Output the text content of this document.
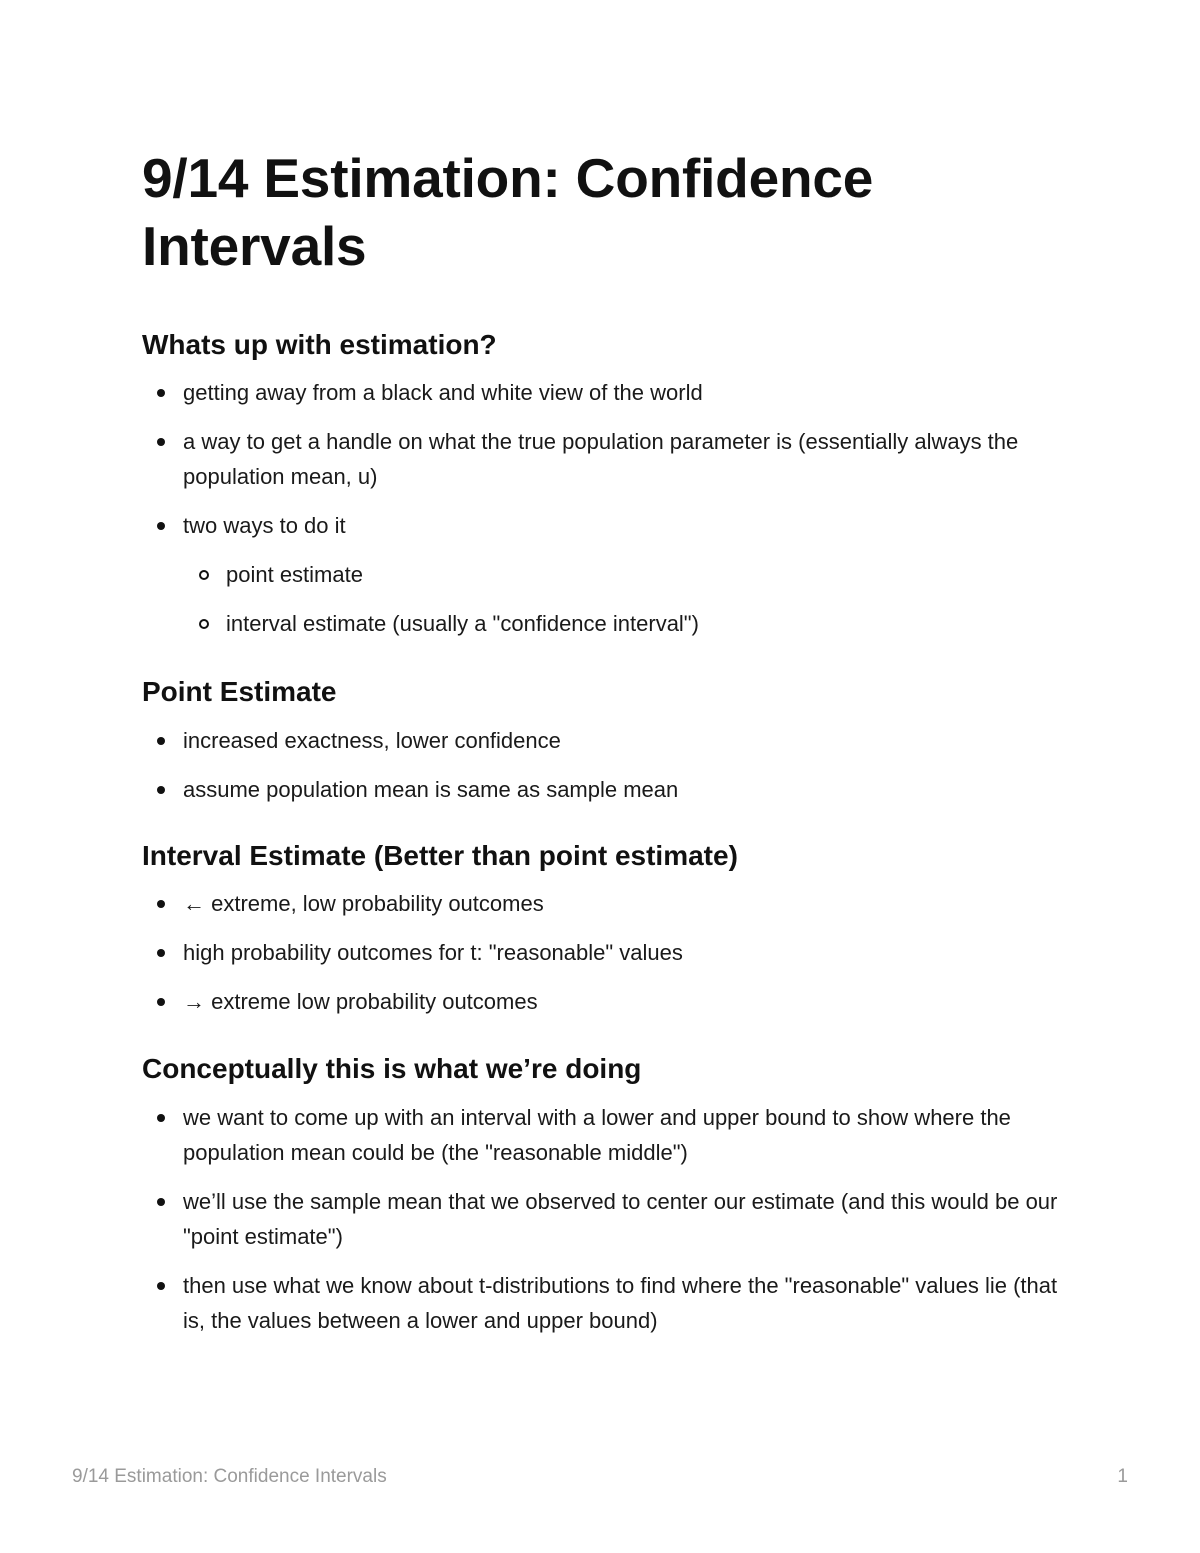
9/14 Estimation: Confidence Intervals
Whats up with estimation?
getting away from a black and white view of the world
a way to get a handle on what the true population parameter is (essentially always the population mean, u)
two ways to do it
point estimate
interval estimate (usually a "confidence interval")
Point Estimate
increased exactness, lower confidence
assume population mean is same as sample mean
Interval Estimate (Better than point estimate)
← extreme, low probability outcomes
high probability outcomes for t: "reasonable" values
→ extreme low probability outcomes
Conceptually this is what we’re doing
we want to come up with an interval with a lower and upper bound to show where the population mean could be (the "reasonable middle")
we’ll use the sample mean that we observed to center our estimate (and this would be our "point estimate")
then use what we know about t-distributions to find where the "reasonable" values lie (that is, the values between a lower and upper bound)
9/14 Estimation: Confidence Intervals	1
